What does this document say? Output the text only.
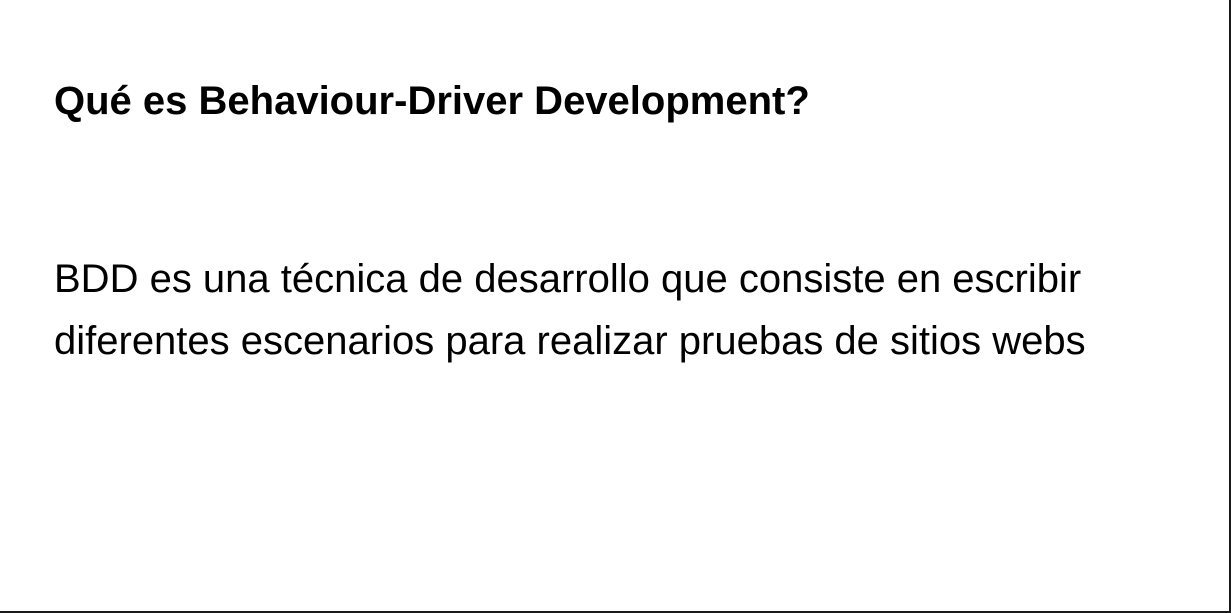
Qué es Behaviour-Driver Development?

BDD es una técnica de desarrollo que consiste en escribir diferentes escenarios para realizar pruebas de sitios webs
